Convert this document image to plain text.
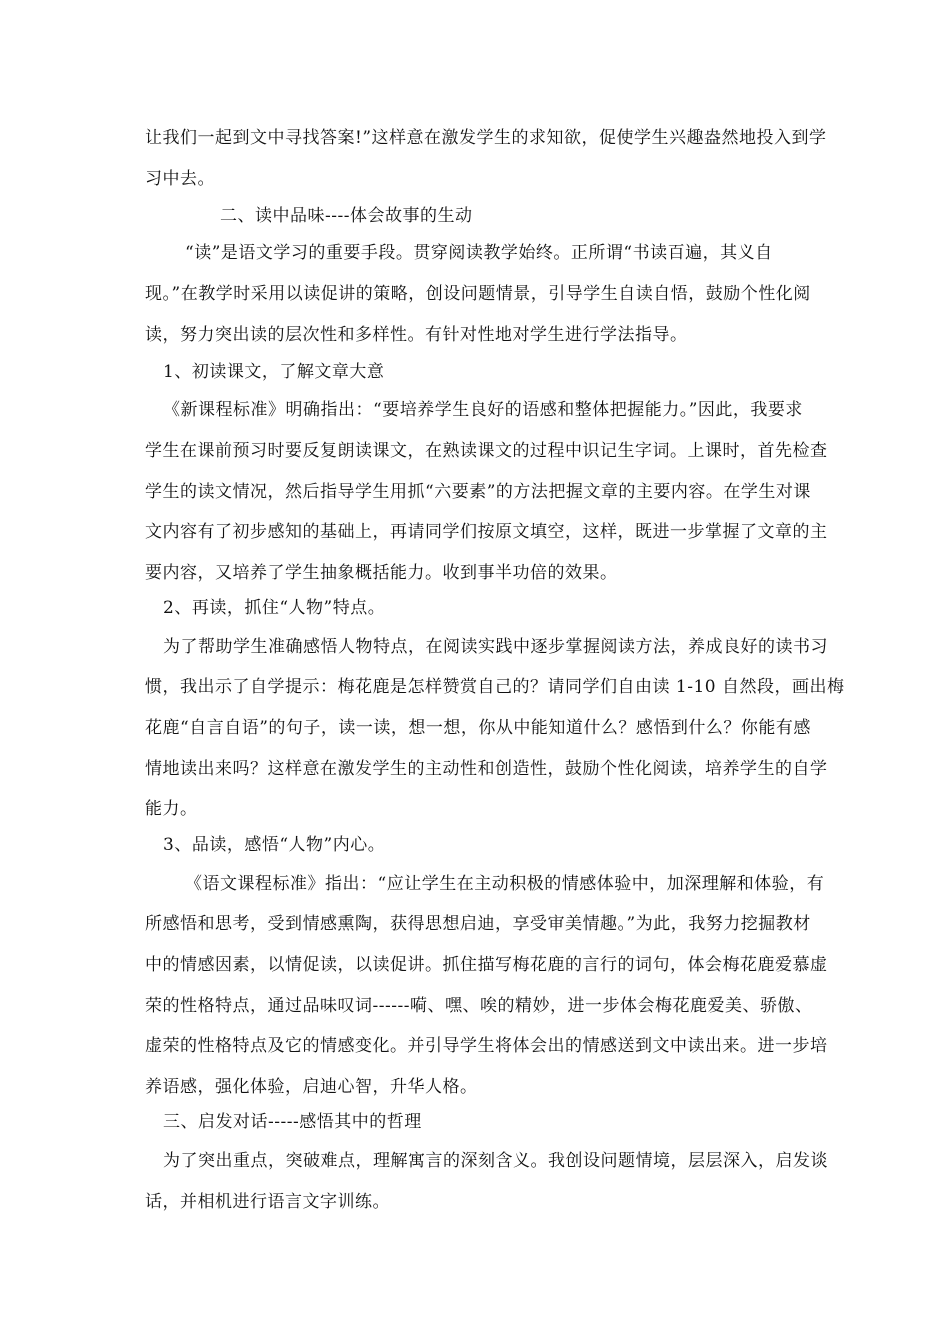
让我们一起到文中寻找答案!”这样意在激发学生的求知欲，促使学生兴趣盎然地投入到学
习中去。
二、读中品味----体会故事的生动
“读”是语文学习的重要手段。贯穿阅读教学始终。正所谓“书读百遍，其义自
现。”在教学时采用以读促讲的策略，创设问题情景，引导学生自读自悟，鼓励个性化阅
读，努力突出读的层次性和多样性。有针对性地对学生进行学法指导。
1、初读课文，了解文章大意
《新课程标准》明确指出：“要培养学生良好的语感和整体把握能力。”因此，我要求
学生在课前预习时要反复朗读课文，在熟读课文的过程中识记生字词。上课时，首先检查
学生的读文情况，然后指导学生用抓“六要素”的方法把握文章的主要内容。在学生对课
文内容有了初步感知的基础上，再请同学们按原文填空，这样，既进一步掌握了文章的主
要内容，又培养了学生抽象概括能力。收到事半功倍的效果。
2、再读，抓住“人物”特点。
为了帮助学生准确感悟人物特点，在阅读实践中逐步掌握阅读方法，养成良好的读书习
惯，我出示了自学提示：梅花鹿是怎样赞赏自己的？请同学们自由读 1-10 自然段，画出梅
花鹿“自言自语”的句子，读一读，想一想，你从中能知道什么？感悟到什么？你能有感
情地读出来吗？这样意在激发学生的主动性和创造性，鼓励个性化阅读，培养学生的自学
能力。
3、品读，感悟“人物”内心。
《语文课程标准》指出：“应让学生在主动积极的情感体验中，加深理解和体验，有
所感悟和思考，受到情感熏陶，获得思想启迪，享受审美情趣。”为此，我努力挖掘教材
中的情感因素，以情促读，以读促讲。抓住描写梅花鹿的言行的词句，体会梅花鹿爱慕虚
荣的性格特点，通过品味叹词------嗬、嘿、唉的精妙，进一步体会梅花鹿爱美、骄傲、
虚荣的性格特点及它的情感变化。并引导学生将体会出的情感送到文中读出来。进一步培
养语感，强化体验，启迪心智，升华人格。
三、启发对话-----感悟其中的哲理
为了突出重点，突破难点，理解寓言的深刻含义。我创设问题情境，层层深入，启发谈
话，并相机进行语言文字训练。
